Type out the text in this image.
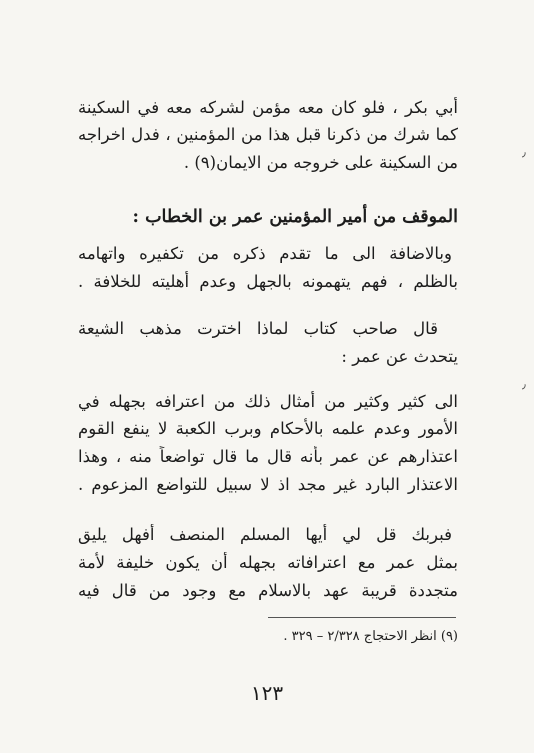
أبي بكر ، فلو كان معه مؤمن لشركه معه في السكينة
كما شرك من ذكرنا قبل هذا من المؤمنين ، فدل اخراجه
من السكينة على خروجه من الايمان(٩) .
الموقف من أمير المؤمنين عمر بن الخطاب :
وبالاضافة الى ما تقدم ذكره من تكفيره واتهامه
بالظلم ، فهم يتهمونه بالجهل وعدم أهليته للخلافة .
قال صاحب كتاب لماذا اخترت مذهب الشيعة
يتحدث عن عمر :
الى كثير وكثير من أمثال ذلك من اعترافه بجهله في
الأمور وعدم علمه بالأحكام وبرب الكعبة لا ينفع القوم
اعتذارهم عن عمر بأنه قال ما قال تواضعاً منه ، وهذا
الاعتذار البارد غير مجد اذ لا سبيل للتواضع المزعوم .
فبربك قل لي أيها المسلم المنصف أفهل يليق
بمثل عمر مع اعترافاته بجهله أن يكون خليفة لأمة
متجددة قريبة عهد بالاسلام مع وجود من قال فيه
(٩) انظر الاحتجاج ٢/٣٢٨ – ٣٢٩ .
١٢٣
٫
٫
